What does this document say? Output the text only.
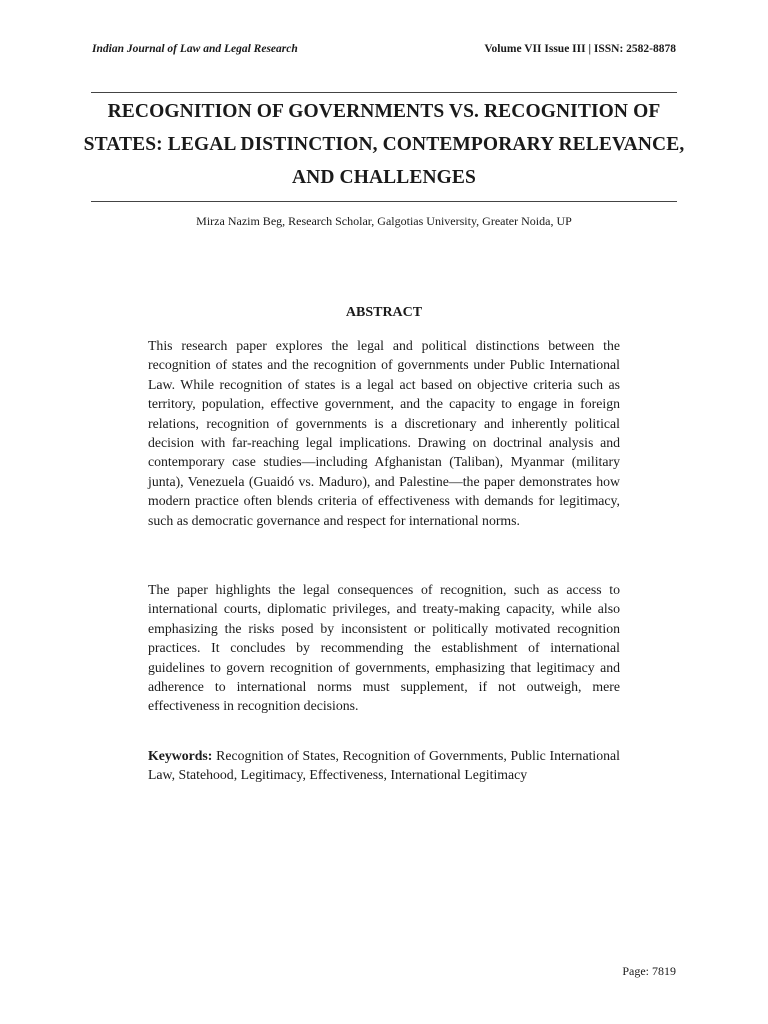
Indian Journal of Law and Legal Research	Volume VII Issue III | ISSN: 2582-8878
RECOGNITION OF GOVERNMENTS VS. RECOGNITION OF STATES: LEGAL DISTINCTION, CONTEMPORARY RELEVANCE, AND CHALLENGES
Mirza Nazim Beg, Research Scholar, Galgotias University, Greater Noida, UP
ABSTRACT

This research paper explores the legal and political distinctions between the recognition of states and the recognition of governments under Public International Law. While recognition of states is a legal act based on objective criteria such as territory, population, effective government, and the capacity to engage in foreign relations, recognition of governments is a discretionary and inherently political decision with far-reaching legal implications. Drawing on doctrinal analysis and contemporary case studies—including Afghanistan (Taliban), Myanmar (military junta), Venezuela (Guaidó vs. Maduro), and Palestine—the paper demonstrates how modern practice often blends criteria of effectiveness with demands for legitimacy, such as democratic governance and respect for international norms.

The paper highlights the legal consequences of recognition, such as access to international courts, diplomatic privileges, and treaty-making capacity, while also emphasizing the risks posed by inconsistent or politically motivated recognition practices. It concludes by recommending the establishment of international guidelines to govern recognition of governments, emphasizing that legitimacy and adherence to international norms must supplement, if not outweigh, mere effectiveness in recognition decisions.

Keywords: Recognition of States, Recognition of Governments, Public International Law, Statehood, Legitimacy, Effectiveness, International Legitimacy

Page: 7819
